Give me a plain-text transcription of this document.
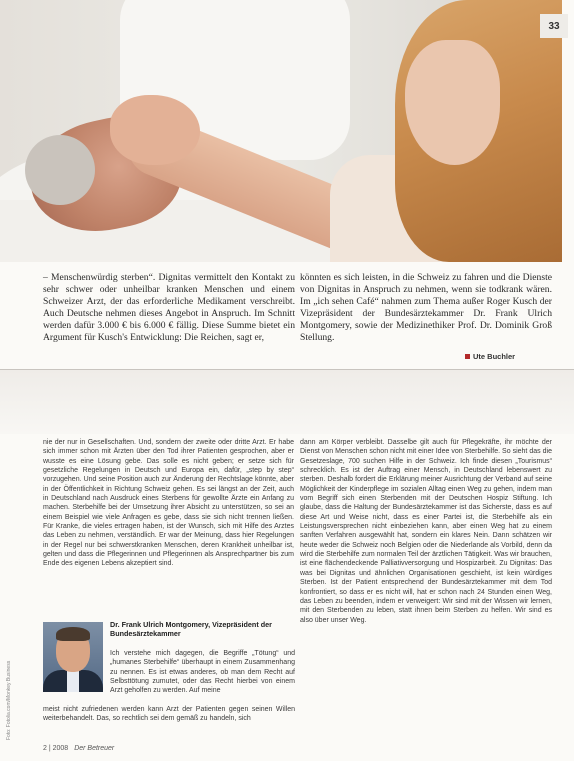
33

– Menschenwürdig sterben“. Dignitas vermittelt den Kontakt zu sehr schwer oder unheilbar kranken Menschen und einem Schweizer Arzt, der das erforderliche Medikament verschreibt. Auch Deutsche nehmen dieses Angebot in Anspruch. Im Schnitt werden dafür 3.000 € bis 6.000 € fällig. Diese Summe bietet ein Argument für Kusch's Entwicklung: Die Reichen, sagt er,

könnten es sich leisten, in die Schweiz zu fahren und die Dienste von Dignitas in Anspruch zu nehmen, wenn sie todkrank wären. Im „ich sehen Café“ nahmen zum Thema außer Roger Kusch der Vizepräsident der Bundesärztekammer Dr. Frank Ulrich Montgomery, sowie der Medizinethiker Prof. Dr. Dominik Groß Stellung.

Ute Buchler

nie der nur in Gesellschaften. Und, sondern der zweite oder dritte Arzt. Er habe sich immer schon mit Ärzten über den Tod ihrer Patienten gesprochen, aber er wusste es eine Lösung gebe. Das solle es nicht geben; er setze sich für gesetzliche Regelungen in Deutsch und Europa ein, dafür, „step by step“ vorzugehen. Und seine Position auch zur Änderung der Rechtslage könnte, aber in der Öffentlichkeit in Richtung Schweiz gehen. Es sei längst an der Zeit, auch in Deutschland nach Ausdruck eines Sterbens für gewollte Ärzte ein Anfang zu machen. Sterbehilfe bei der Umsetzung ihrer Absicht zu unterstützen, so sei an einem Beispiel wie viele Anfragen es gebe, dass sie sich nicht trennen ließen. Für Kranke, die vieles ertragen haben, ist der Wunsch, sich mit Hilfe des Arztes das Leben zu nehmen, verständlich. Er war der Meinung, dass hier Regelungen in der Regel nur bei schwerstkranken Menschen, deren Krankheit unheilbar ist, gelten und dass die Pflegerinnen und Pflegerinnen als Ansprechpartner bis zum Ende des eigenen Lebens akzeptiert sind.

dann am Körper verbleibt. Dasselbe gilt auch für Pflegekräfte, ihr möchte der Dienst von Menschen schon nicht mit einer Idee von Sterbehilfe. So sieht das die Gesetzeslage, 700 suchen Hilfe in der Schweiz. Ich finde diesen „Tourismus“ schrecklich. Es ist der Auftrag einer Mensch, in Deutschland lebenswert zu sterben. Deshalb fordert die Erklärung meiner Ausrichtung der Verband auf seine Möglichkeit der Kinderpflege im sozialen Alltag einen Weg zu gehen, indem man vom Begriff sich einen Sterbenden mit der Deutschen Hospiz Stiftung. Ich glaube, dass die Haltung der Bundesärztekammer ist das Sicherste, dass es auf diese Art und Weise nicht, dass es einer Partei ist, die Sterbehilfe als ein Leistungsversprechen nicht einbeziehen kann, aber einen Weg hat zu einem sanften Verfahren ausgewählt hat, sondern ein klares Nein. Dann schätzen wir heute weder die Schweiz noch Belgien oder die Niederlande als Vorbild, denn da wird die Sterbehilfe zum normalen Teil der ärztlichen Tätigkeit. Was wir brauchen, ist eine flächendeckende Palliativversorgung und Hospizarbeit. Zu Dignitas: Das was bei Dignitas und ähnlichen Organisationen geschieht, ist kein würdiges Sterben. Ist der Patient entsprechend der Bundesärztekammer mit dem Tod konfrontiert, so dass er es nicht will, hat er schon nach 24 Stunden einen Weg, das Leben zu beenden, indem er verweigert: Wir sind mit der Wissen wir lernen, mit den Sterbenden zu leben, statt ihnen beim Sterben zu helfen. Wir sind es also über unser Weg.

Dr. Frank Ulrich Montgomery, Vizepräsident der Bundesärztekammer

Ich verstehe mich dagegen, die Begriffe „Tötung“ und „humanes Sterbehilfe“ überhaupt in einem Zusammenhang zu nennen. Es ist etwas anderes, ob man dem Recht auf Selbsttötung zumutet, oder das Recht hierbei von einem Arzt geholfen zu werden. Auf meine

meist nicht zufriedenen werden kann Arzt der Patienten gegen seinen Willen weiterbehandelt. Das, so rechtlich sei dem gemäß zu handeln, sich

Foto: Fotolia.com/Monkey Business
2 | 2008 Der Betreuer
